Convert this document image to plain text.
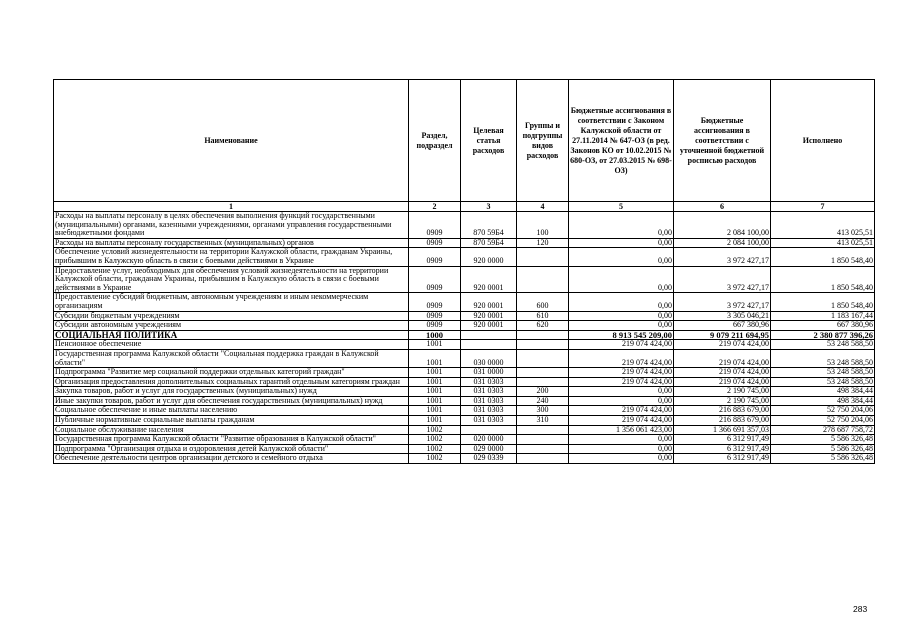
Наименование	Раздел, подраздел	Целевая статья расходов	Группы и подгруппы видов расходов	Бюджетные ассигнования в соответствии с Законом Калужской области от 27.11.2014 № 647-ОЗ (в ред. Законов КО от 10.02.2015 № 680-ОЗ, от 27.03.2015 № 698-ОЗ)	Бюджетные ассигнования в соответствии с уточненной бюджетной росписью расходов	Исполнено
1	2	3	4	5	6	7
Расходы на выплаты персоналу в целях обеспечения выполнения функций государственными (муниципальными) органами, казенными учреждениями, органами управления государственными внебюджетными фондами	0909	870 59Б4	100	0,00	2 084 100,00	413 025,51
Расходы на выплаты персоналу государственных (муниципальных) органов	0909	870 59Б4	120	0,00	2 084 100,00	413 025,51
Обеспечение условий жизнедеятельности на территории Калужской области, гражданам Украины, прибывшим в Калужскую область в связи с боевыми действиями в Украине	0909	920 0000		0,00	3 972 427,17	1 850 548,40
Предоставление услуг, необходимых для обеспечения условий жизнедеятельности на территории Калужской области, гражданам Украины, прибывшим в Калужскую область в связи с боевыми действиями в Украине	0909	920 0001		0,00	3 972 427,17	1 850 548,40
Предоставление субсидий бюджетным, автономным учреждениям и иным некоммерческим организациям	0909	920 0001	600	0,00	3 972 427,17	1 850 548,40
Субсидии бюджетным учреждениям	0909	920 0001	610	0,00	3 305 046,21	1 183 167,44
Субсидии автономным учреждениям	0909	920 0001	620	0,00	667 380,96	667 380,96
СОЦИАЛЬНАЯ ПОЛИТИКА	1000			8 913 545 209,00	9 079 211 694,95	2 380 877 396,26
Пенсионное обеспечение	1001			219 074 424,00	219 074 424,00	53 248 588,50
Государственная программа Калужской области "Социальная поддержка граждан в Калужской области"	1001	030 0000		219 074 424,00	219 074 424,00	53 248 588,50
Подпрограмма "Развитие мер социальной поддержки отдельных категорий граждан"	1001	031 0000		219 074 424,00	219 074 424,00	53 248 588,50
Организация предоставления дополнительных социальных гарантий отдельным категориям граждан	1001	031 0303		219 074 424,00	219 074 424,00	53 248 588,50
Закупка товаров, работ и услуг для государственных (муниципальных) нужд	1001	031 0303	200	0,00	2 190 745,00	498 384,44
Иные закупки товаров, работ и услуг для обеспечения государственных (муниципальных) нужд	1001	031 0303	240	0,00	2 190 745,00	498 384,44
Социальное обеспечение и иные выплаты населению	1001	031 0303	300	219 074 424,00	216 883 679,00	52 750 204,06
Публичные нормативные социальные выплаты гражданам	1001	031 0303	310	219 074 424,00	216 883 679,00	52 750 204,06
Социальное обслуживание населения	1002			1 356 061 423,00	1 366 691 357,03	278 687 758,72
Государственная программа Калужской области "Развитие образования в Калужской области"	1002	020 0000		0,00	6 312 917,49	5 586 326,48
Подпрограмма "Организация отдыха и оздоровления детей Калужской области"	1002	029 0000		0,00	6 312 917,49	5 586 326,48
Обеспечение деятельности центров организации детского и семейного отдыха	1002	029 0339		0,00	6 312 917,49	5 586 326,48
283
